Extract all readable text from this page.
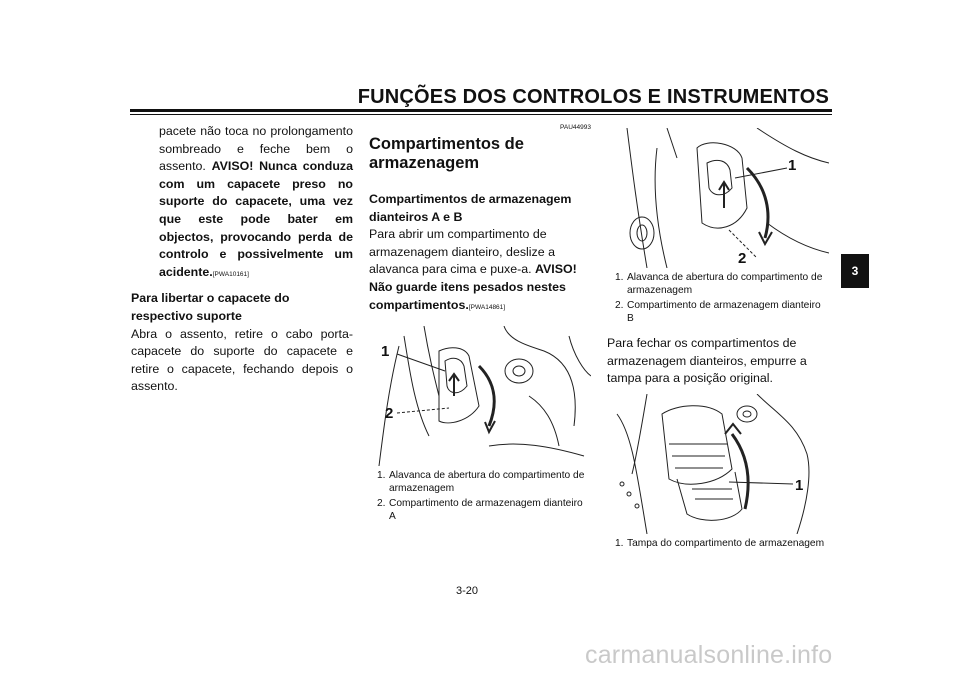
FUNÇÕES DOS CONTROLOS E INSTRUMENTOS
3
pacete não toca no prolongamento sombreado e feche bem o assento. AVISO! Nunca conduza com um capacete preso no suporte do capacete, uma vez que este pode bater em objectos, provocando perda de controlo e possivelmente um acidente.[PWA10161]
Para libertar o capacete do respectivo suporte
Abra o assento, retire o cabo porta-capacete do suporte do capacete e retire o capacete, fechando depois o assento.
PAU44993
Compartimentos de armazenagem
Compartimentos de armazenagem dianteiros A e B
Para abrir um compartimento de armazenagem dianteiro, deslize a alavanca para cima e puxe-a. AVISO! Não guarde itens pesados nestes compartimentos.[PWA14861]
1
2
1. Alavanca de abertura do compartimento de armazenagem
2. Compartimento de armazenagem dianteiro A
1
2
1. Alavanca de abertura do compartimento de armazenagem
2. Compartimento de armazenagem dianteiro B
Para fechar os compartimentos de armazenagem dianteiros, empurre a tampa para a posição original.
1
1. Tampa do compartimento de armazenagem
3-20
carmanualsonline.info
